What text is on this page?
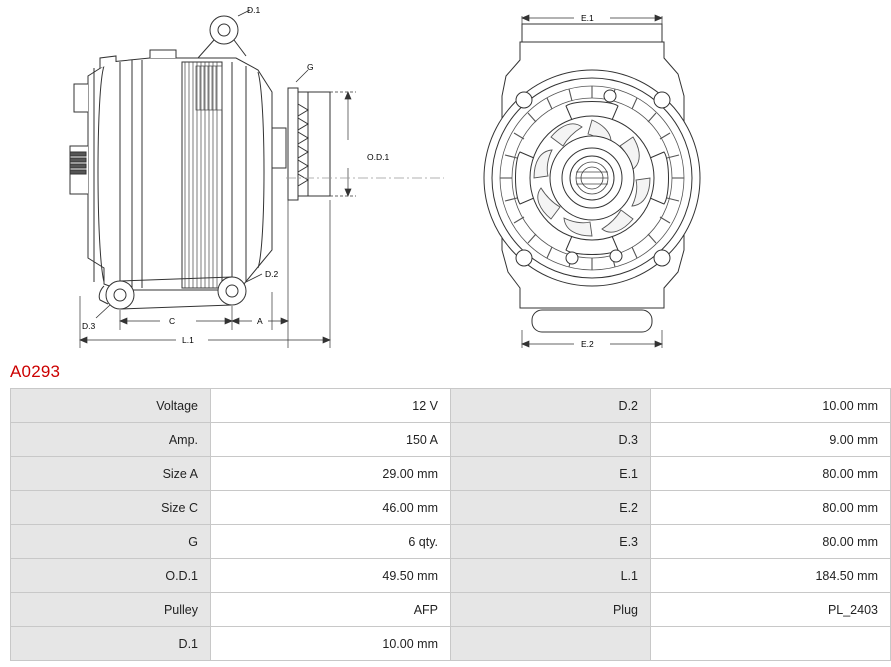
D.1
G
D.2
D.3
O.D.1
C	A
L.1
E.1
E.2
A0293
Voltage	12 V	D.2	10.00 mm
Amp.	150 A	D.3	9.00 mm
Size A	29.00 mm	E.1	80.00 mm
Size C	46.00 mm	E.2	80.00 mm
G	6 qty.	E.3	80.00 mm
O.D.1	49.50 mm	L.1	184.50 mm
Pulley	AFP	Plug	PL_2403
D.1	10.00 mm		
